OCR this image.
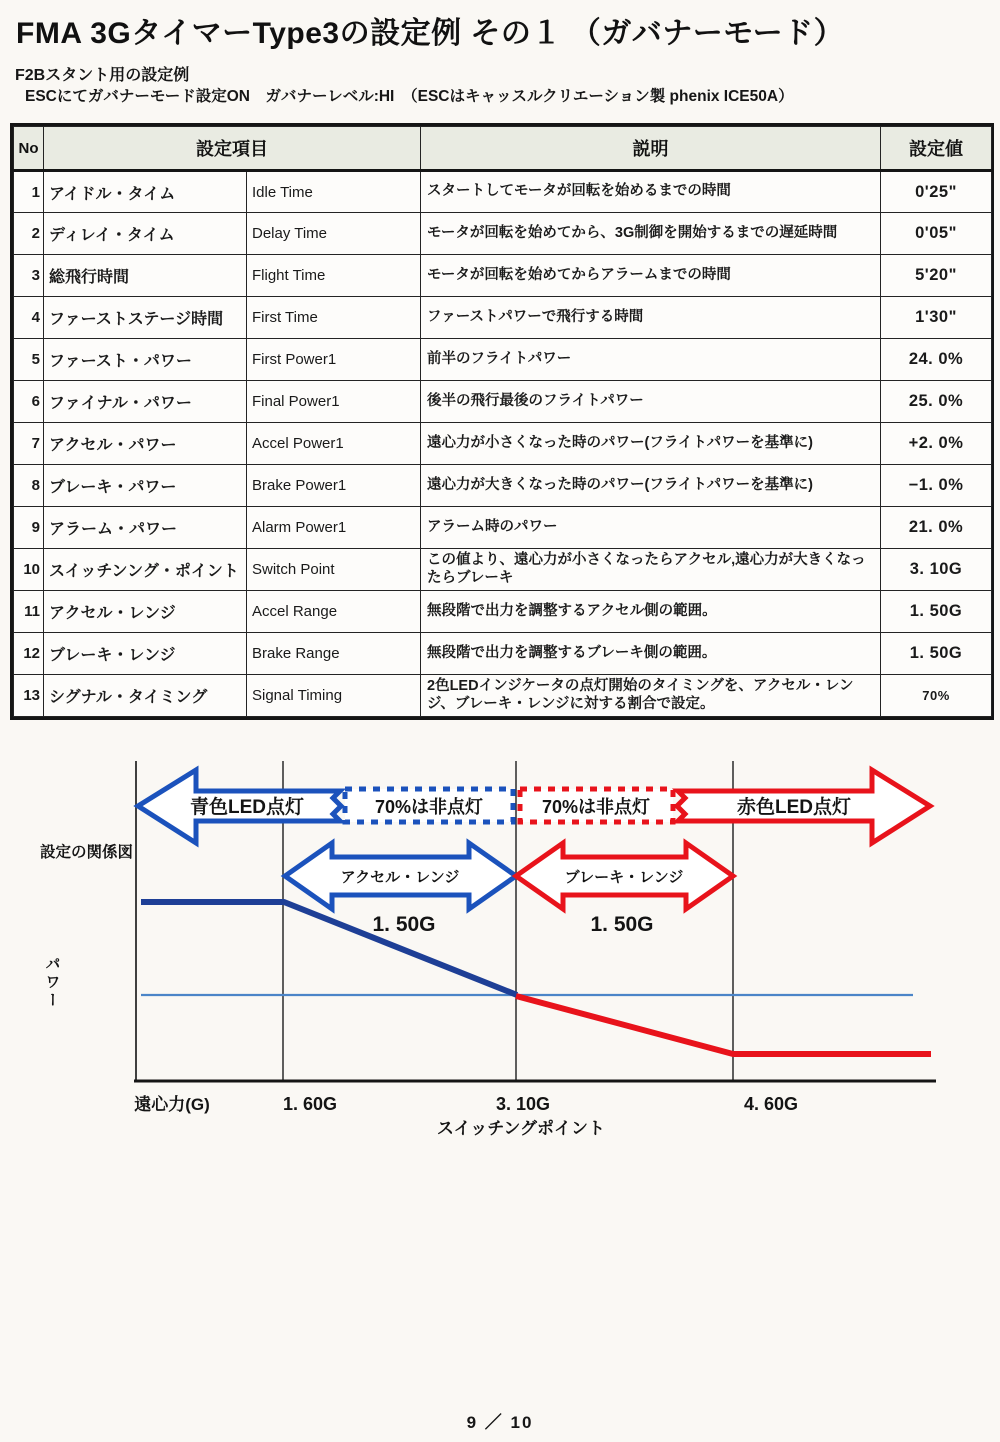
FMA 3GタイマーType3の設定例 その１ （ガバナーモード）
F2Bスタント用の設定例
ESCにてガバナーモード設定ON　ガバナーレベル:HI　（ESCはキャッスルクリエーション製 phenix ICE50A）
No	設定項目		説明	設定値
1	アイドル・タイム	Idle Time	スタートしてモータが回転を始めるまでの時間	0'25"
2	ディレイ・タイム	Delay Time	モータが回転を始めてから、3G制御を開始するまでの遅延時間	0'05"
3	総飛行時間	Flight Time	モータが回転を始めてからアラームまでの時間	5'20"
4	ファーストステージ時間	First Time	ファーストパワーで飛行する時間	1'30"
5	ファースト・パワー	First Power1	前半のフライトパワー	24. 0%
6	ファイナル・パワー	Final Power1	後半の飛行最後のフライトパワー	25. 0%
7	アクセル・パワー	Accel Power1	遠心力が小さくなった時のパワー(フライトパワーを基準に)	+2. 0%
8	ブレーキ・パワー	Brake Power1	遠心力が大きくなった時のパワー(フライトパワーを基準に)	−1. 0%
9	アラーム・パワー	Alarm Power1	アラーム時のパワー	21. 0%
10	スイッチンング・ポイント	Switch Point	この値より、遠心力が小さくなったらアクセル,遠心力が大きくなったらブレーキ	3. 10G
11	アクセル・レンジ	Accel Range	無段階で出力を調整するアクセル側の範囲。	1. 50G
12	ブレーキ・レンジ	Brake Range	無段階で出力を調整するブレーキ側の範囲。	1. 50G
13	シグナル・タイミング	Signal Timing	2色LEDインジケータの点灯開始のタイミングを、アクセル・レンジ、ブレーキ・レンジに対する割合で設定。	70%
青色LED点灯	70%は非点灯	70%は非点灯	赤色LED点灯
アクセル・レンジ	ブレーキ・レンジ
1. 50G	1. 50G
設定の関係図
パワー
遠心力(G)	1. 60G	3. 10G	4. 60G
スイッチングポイント
9 ／ 10
